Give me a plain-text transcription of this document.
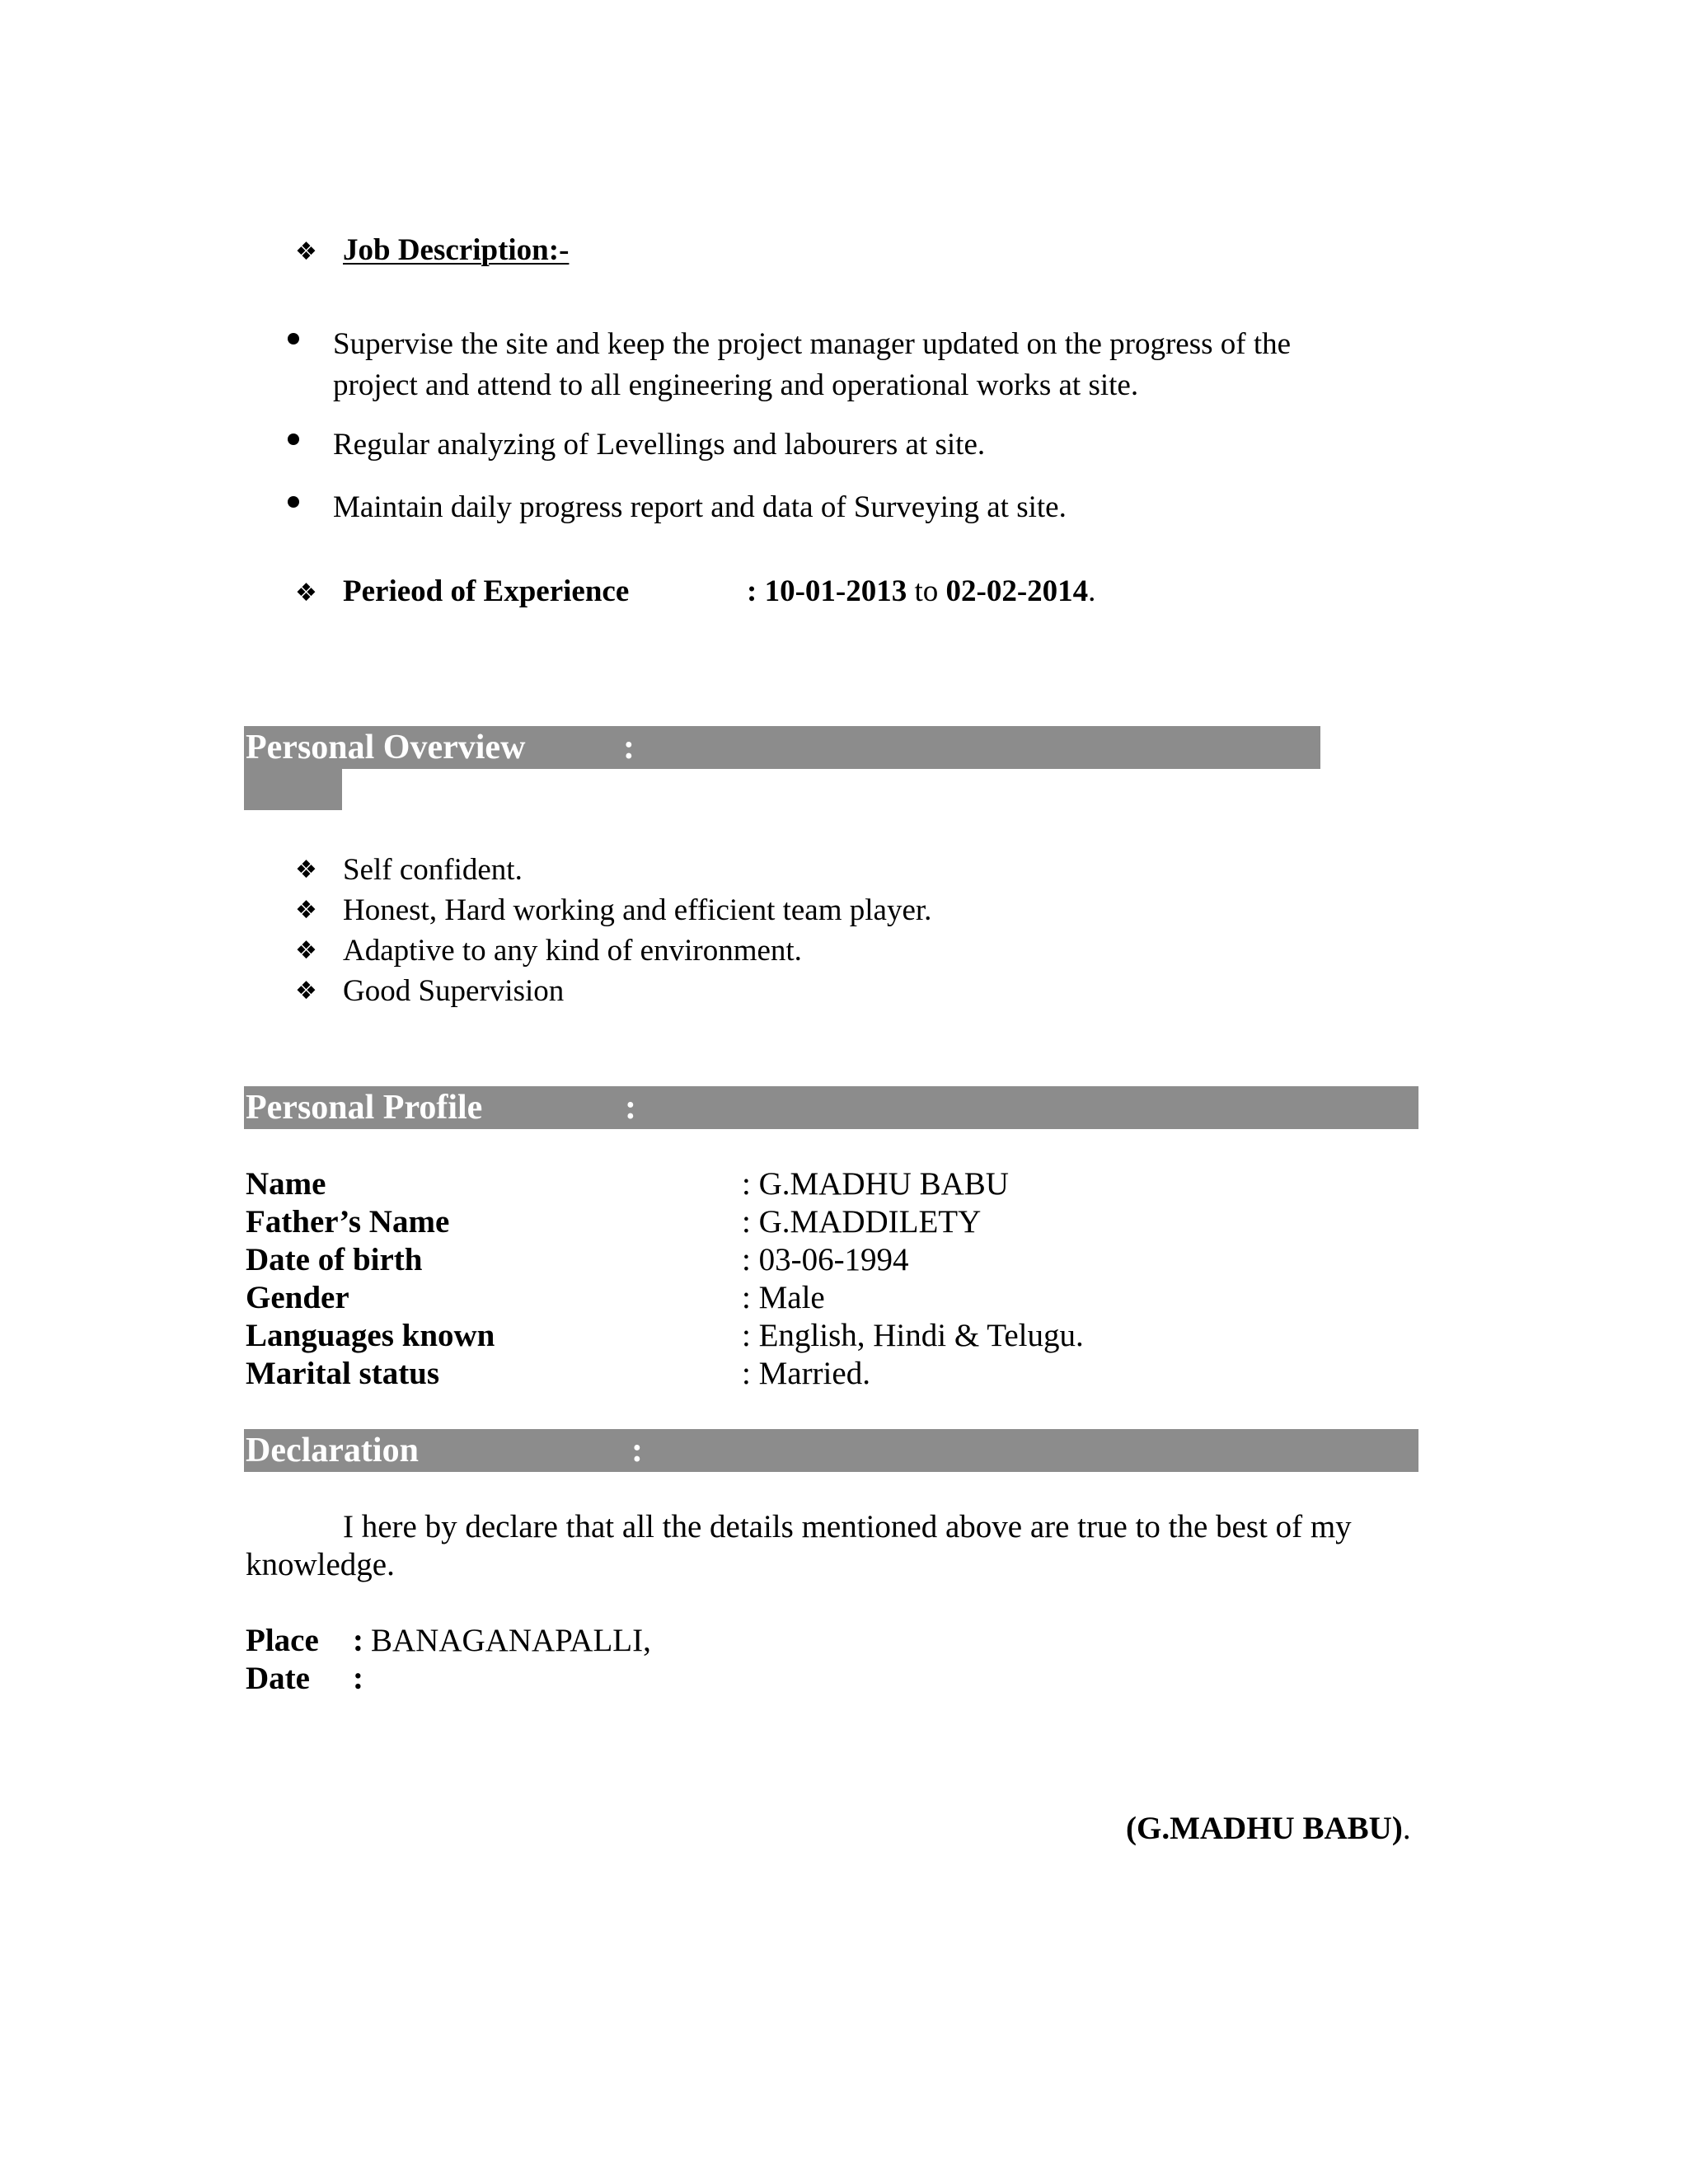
❖ Job Description:-
Supervise the site and keep the project manager updated on the progress of the
project and attend to all engineering and operational works at site.
Regular analyzing of Levellings and labourers at site.
Maintain daily progress report and data of Surveying at site.
❖ Perieod of Experience	: 10-01-2013 to 02-02-2014.
Personal Overview	:
❖ Self confident.
❖ Honest, Hard working and efficient team player.
❖ Adaptive to any kind of environment.
❖ Good Supervision
Personal Profile	:
Name	: G.MADHU BABU
Father’s Name	: G.MADDILETY
Date of birth	: 03-06-1994
Gender	: Male
Languages known	: English, Hindi & Telugu.
Marital status	: Married.
Declaration	:
I here by declare that all the details mentioned above are true to the best of my
knowledge.
Place : BANAGANAPALLI,
Date :
(G.MADHU BABU).
